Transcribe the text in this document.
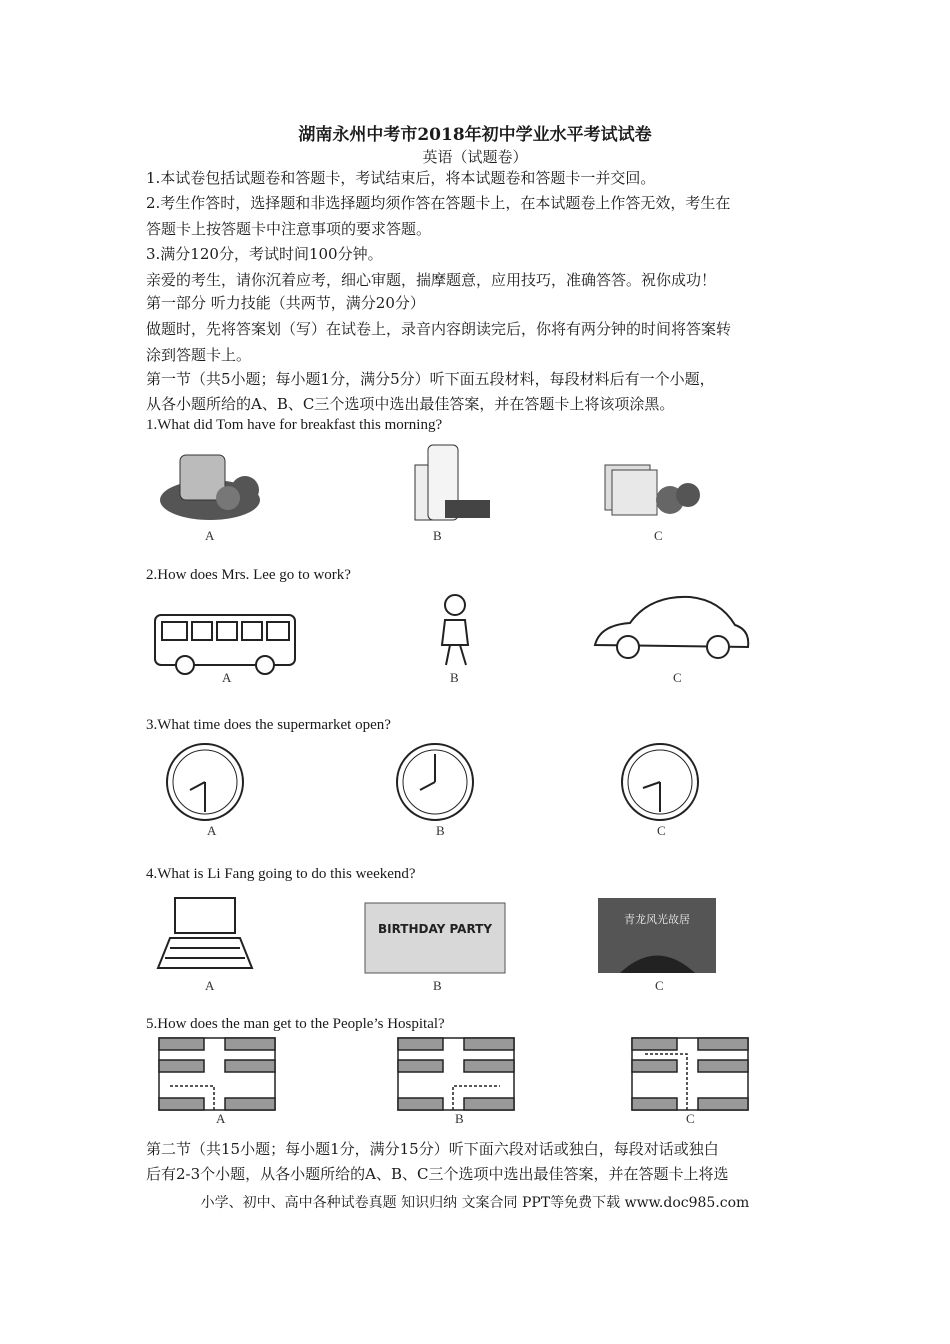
湖南永州中考市2018年初中学业水平考试试卷
英语（试题卷）
1.本试卷包括试题卷和答题卡，考试结束后，将本试题卷和答题卡一并交回。
2.考生作答时，选择题和非选择题均须作答在答题卡上，在本试题卷上作答无效，考生在
答题卡上按答题卡中注意事项的要求答题。
3.满分120分，考试时间100分钟。
亲爱的考生，请你沉着应考，细心审题，揣摩题意，应用技巧，准确答答。祝你成功！
第一部分 听力技能（共两节，满分20分）
做题时，先将答案划（写）在试卷上，录音内容朗读完后，你将有两分钟的时间将答案转
涂到答题卡上。
第一节（共5小题；每小题1分，满分5分）听下面五段材料，每段材料后有一个小题，
从各小题所给的A、B、C三个选项中选出最佳答案，并在答题卡上将该项涂黑。
1.What did Tom have for breakfast this morning?
A	B	C
2.How does Mrs. Lee go to work?
A	B	C
3.What time does the supermarket open?
A	B	C
4.What is Li Fang going to do this weekend?
BIRTHDAY PARTY
青龙风光故居
A	B	C
5.How does the man get to the People’s Hospital?
A	B	C
第二节（共15小题；每小题1分，满分15分）听下面六段对话或独白，每段对话或独白
后有2-3个小题，从各小题所给的A、B、C三个选项中选出最佳答案，并在答题卡上将选
小学、初中、高中各种试卷真题 知识归纳 文案合同 PPT等免费下载 www.doc985.com
